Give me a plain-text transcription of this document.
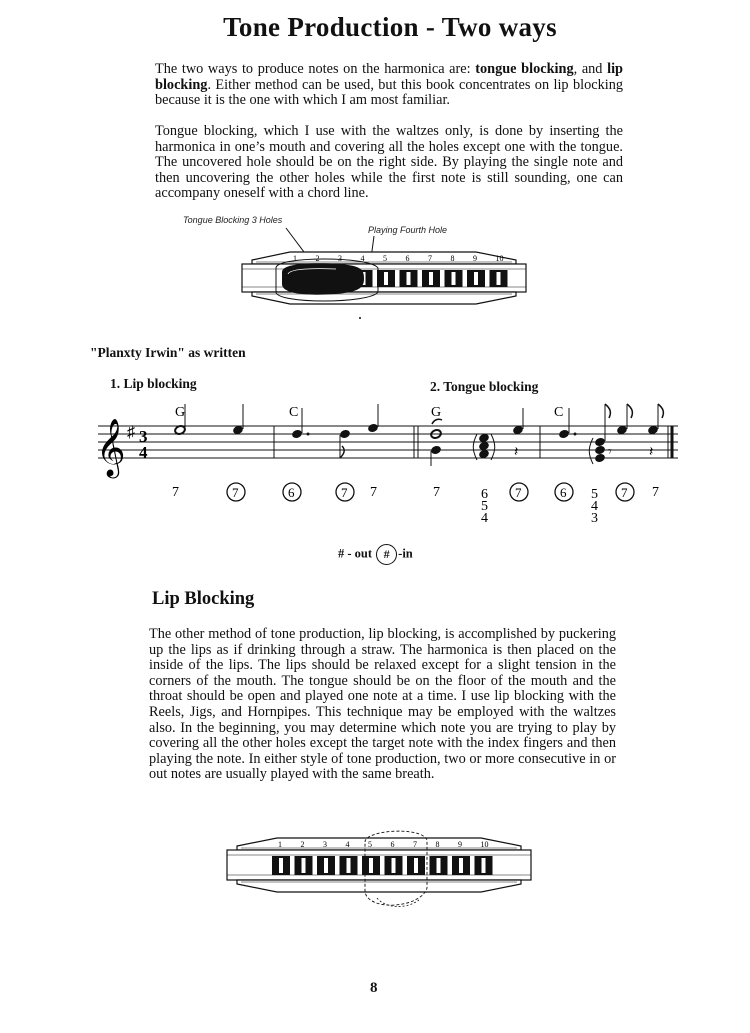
Tone Production - Two ways

The two ways to produce notes on the harmonica are: tongue blocking, and lip blocking. Either method can be used, but this book concentrates on lip blocking because it is the one with which I am most familiar.

Tongue blocking, which I use with the waltzes only, is done by inserting the harmonica in one’s mouth and covering all the holes except one with the tongue. The uncovered hole should be on the right side. By playing the single note and then uncovering the other holes while the first note is still sounding, one can accompany oneself with a chord line.

Tongue Blocking 3 Holes
Playing Fourth Hole
1 2 3 4 5 6 7 8 9 10
"Planxty Irwin" as written
1. Lip blocking	2. Tongue blocking
𝄞 ♯ 3
4
G	C	G	C
𝄽	𝄾	𝄽
7	7	6	7 7	7	6
5
4
7	6 5
4
3
7 7
# - out # -in
Lip Blocking

The other method of tone production, lip blocking, is accomplished by puckering up the lips as if drinking through a straw. The harmonica is then placed on the inside of the lips. The lips should be relaxed except for a slight tension in the corners of the mouth. The tongue should be on the floor of the mouth and the throat should be open and played one note at a time. I use lip blocking with the Reels, Jigs, and Hornpipes. This technique may be employed with the waltzes also. In the beginning, you may determine which note you are trying to play by covering all the other holes except the target note with the index fingers and then playing the note. In either style of tone production, two or more consecutive in or out notes are usually played with the same breath.

1 2 3 4 5 6 7 8 9 10
8
